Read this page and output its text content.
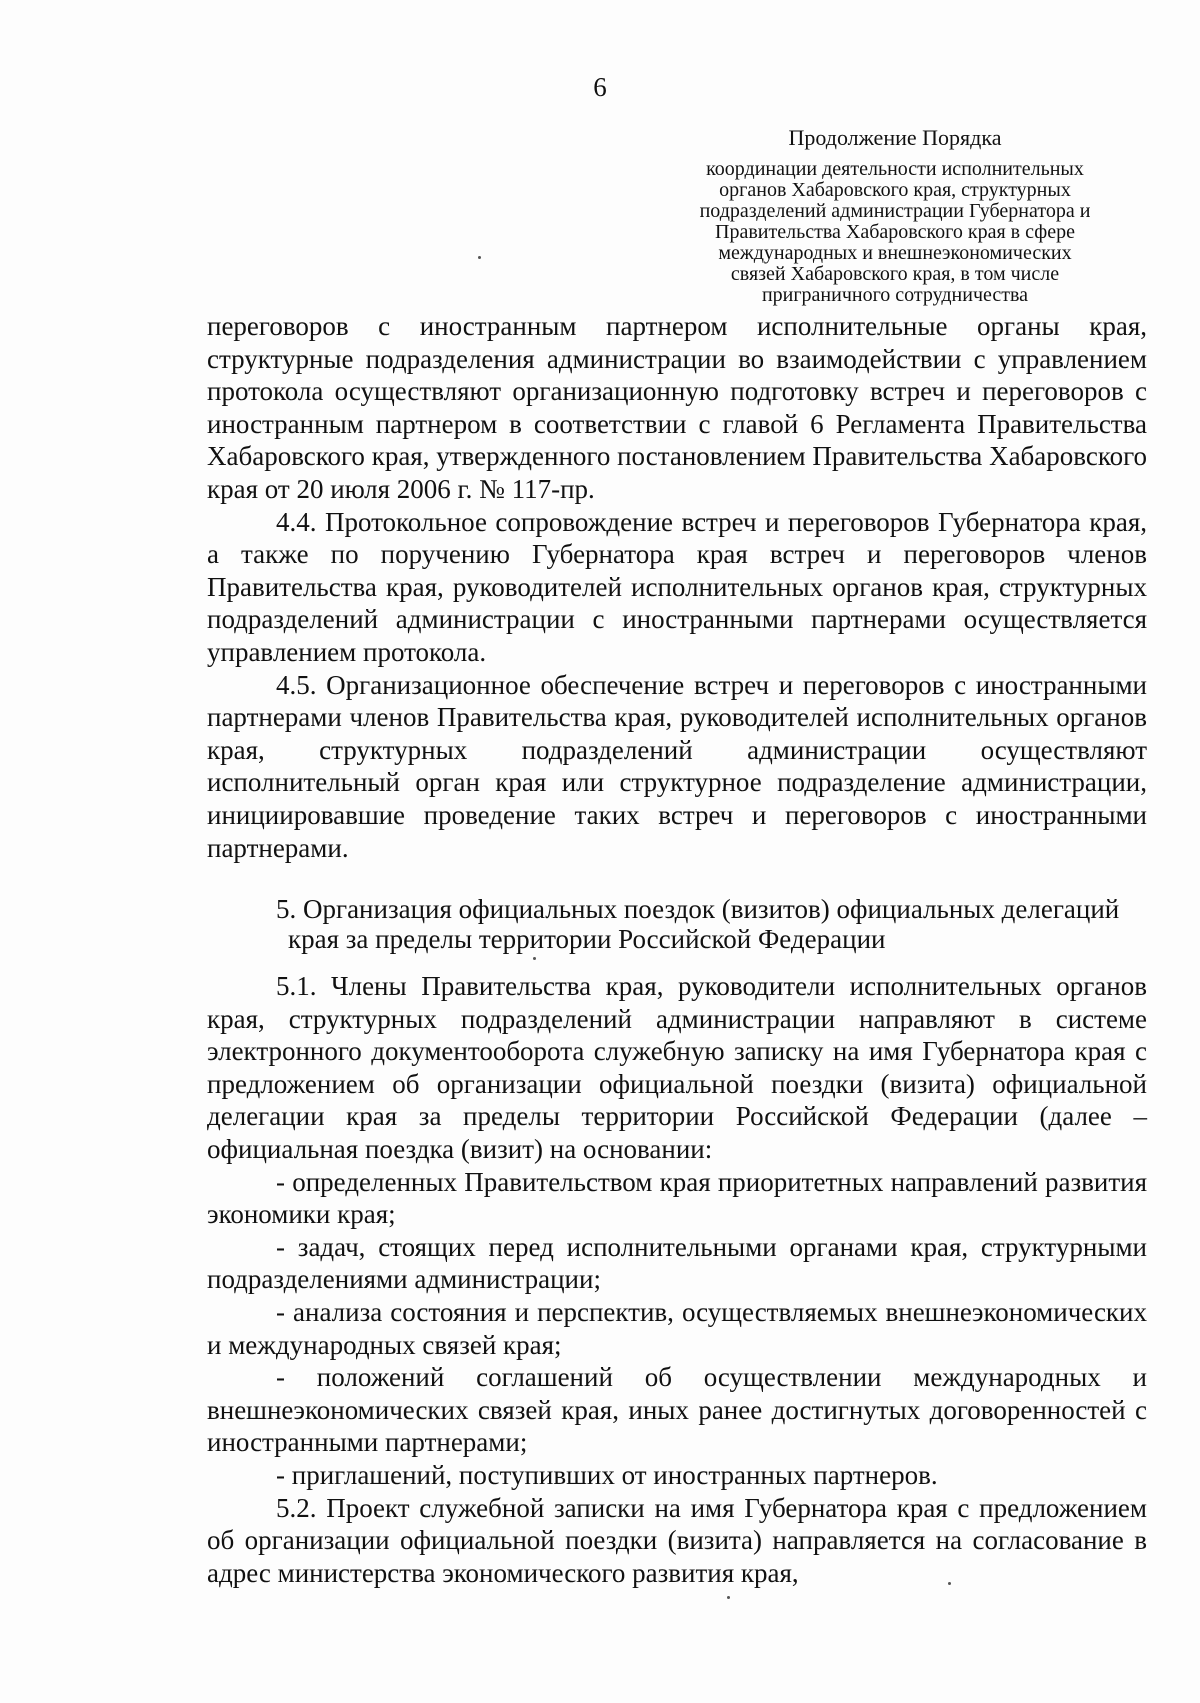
6
Продолжение Порядка
координации деятельности исполнительных
органов Хабаровского края, структурных
подразделений администрации Губернатора и
Правительства Хабаровского края в сфере
международных и внешнеэкономических
связей Хабаровского края, в том числе
приграничного сотрудничества

переговоров с иностранным партнером исполнительные органы края, структурные подразделения администрации во взаимодействии с управлением протокола осуществляют организационную подготовку встреч и переговоров с иностранным партнером в соответствии с главой 6 Регламента Правительства Хабаровского края, утвержденного постановлением Правительства Хабаровского края от 20 июля 2006 г. № 117-пр.

4.4. Протокольное сопровождение встреч и переговоров Губернатора края, а также по поручению Губернатора края встреч и переговоров членов Правительства края, руководителей исполнительных органов края, структурных подразделений администрации с иностранными партнерами осуществляется управлением протокола.

4.5. Организационное обеспечение встреч и переговоров с иностранными партнерами членов Правительства края, руководителей исполнительных органов края, структурных подразделений администрации осуществляют исполнительный орган края или структурное подразделение администрации, инициировавшие проведение таких встреч и переговоров с иностранными партнерами.

5. Организация официальных поездок (визитов) официальных делегаций
края за пределы территории Российской Федерации

5.1. Члены Правительства края, руководители исполнительных органов края, структурных подразделений администрации направляют в системе электронного документооборота служебную записку на имя Губернатора края с предложением об организации официальной поездки (визита) официальной делегации края за пределы территории Российской Федерации (далее – официальная поездка (визит) на основании:

- определенных Правительством края приоритетных направлений развития экономики края;

- задач, стоящих перед исполнительными органами края, структурными подразделениями администрации;

- анализа состояния и перспектив, осуществляемых внешнеэкономических и международных связей края;

- положений соглашений об осуществлении международных и внешнеэкономических связей края, иных ранее достигнутых договоренностей с иностранными партнерами;

- приглашений, поступивших от иностранных партнеров.

5.2. Проект служебной записки на имя Губернатора края с предложением об организации официальной поездки (визита) направляется на согласование в адрес министерства экономического развития края,
